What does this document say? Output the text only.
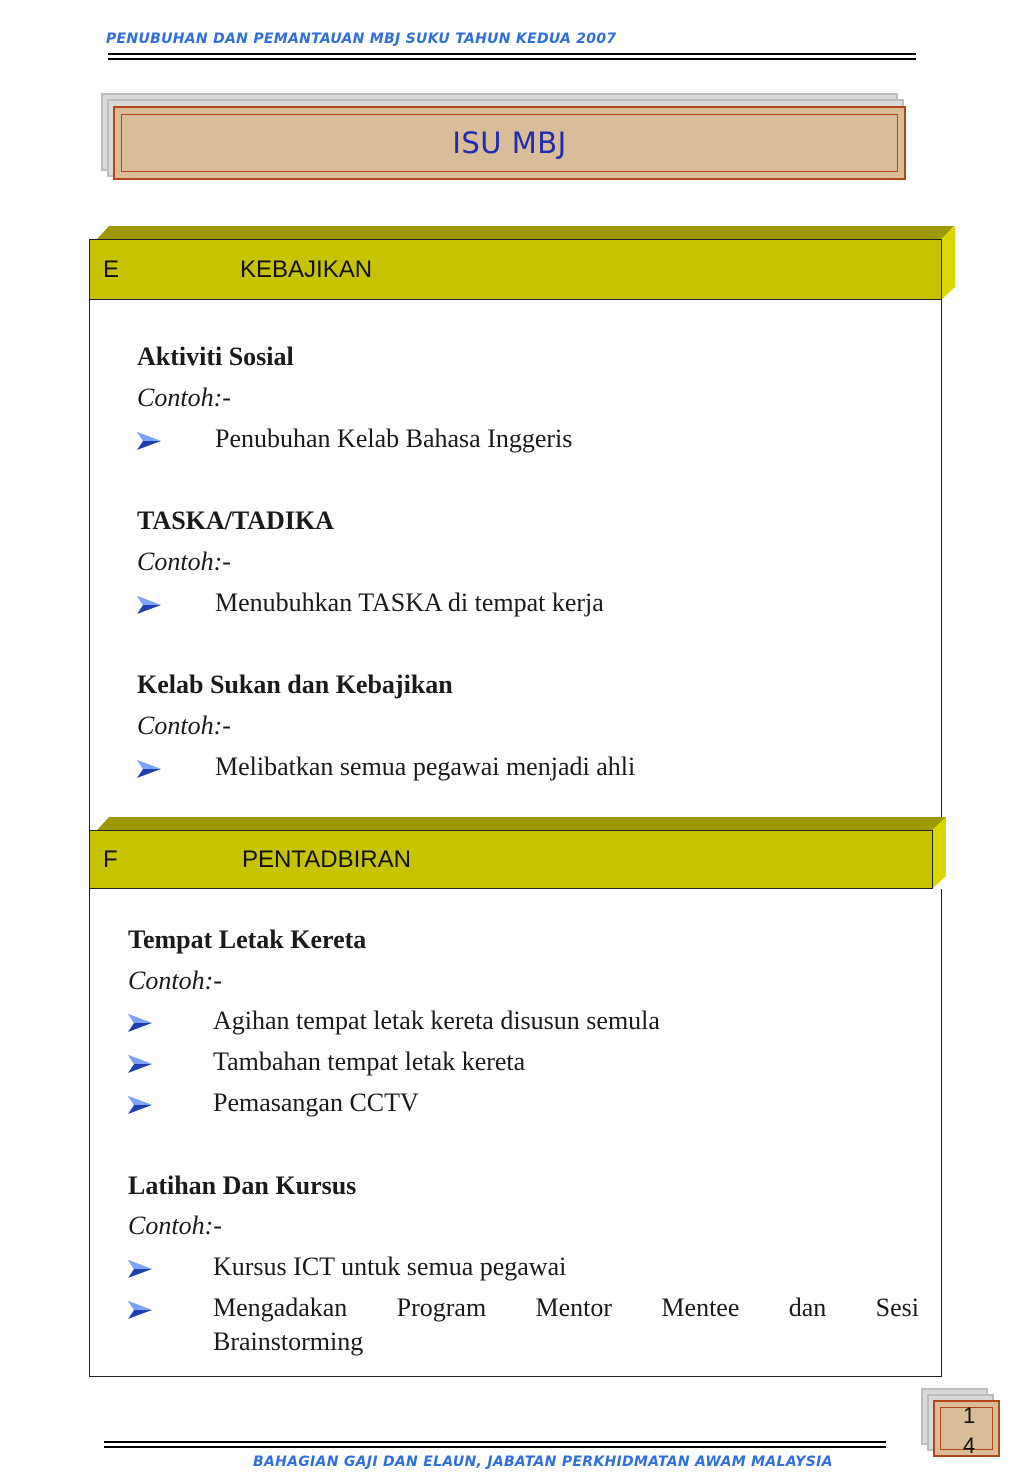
PENUBUHAN DAN PEMANTAUAN MBJ SUKU TAHUN KEDUA 2007
ISU MBJ
E	KEBAJIKAN
Aktiviti Sosial
Contoh:-
Penubuhan Kelab Bahasa Inggeris
TASKA/TADIKA
Contoh:-
Menubuhkan TASKA di tempat kerja
Kelab Sukan dan Kebajikan
Contoh:-
Melibatkan semua pegawai menjadi ahli
F	PENTADBIRAN
Tempat Letak Kereta
Contoh:-
Agihan tempat letak kereta disusun semula
Tambahan tempat letak kereta
Pemasangan CCTV
Latihan Dan Kursus
Contoh:-
Kursus ICT untuk semua pegawai
Mengadakan Program Mentor Mentee dan Sesi
Brainstorming
BAHAGIAN GAJI DAN ELAUN, JABATAN PERKHIDMATAN AWAM MALAYSIA
1
4
